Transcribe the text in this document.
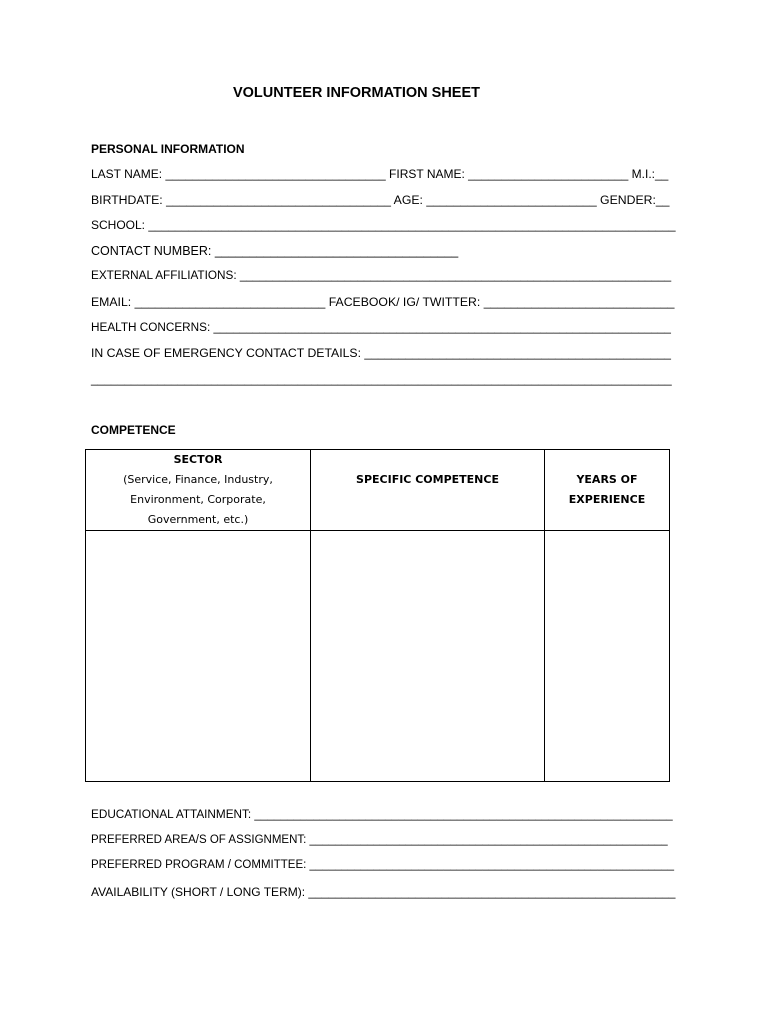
VOLUNTEER INFORMATION SHEET
PERSONAL INFORMATION
LAST NAME: _________________________________ FIRST NAME: ________________________ M.I.:__
BIRTHDATE: _________________________________ AGE: _________________________ GENDER:__
SCHOOL: _______________________________________________________________________________
CONTACT NUMBER: ___________________________________
EXTERNAL AFFILIATIONS: __________________________________________________________________
EMAIL: ____________________________ FACEBOOK/ IG/ TWITTER: ____________________________
HEALTH CONCERNS: ______________________________________________________________________
IN CASE OF EMERGENCY CONTACT DETAILS: _____________________________________________
_______________________________________________________________________________________
COMPETENCE
SECTOR
(Service, Finance, Industry,
Environment, Corporate,
Government, etc.)
SPECIFIC COMPETENCE	YEARS OF
EXPERIENCE
EDUCATIONAL ATTAINMENT: ________________________________________________________________
PREFERRED AREA/S OF ASSIGNMENT: ________________________________________________________
PREFERRED PROGRAM / COMMITTEE: _________________________________________________________
AVAILABILITY (SHORT / LONG TERM): _______________________________________________________
